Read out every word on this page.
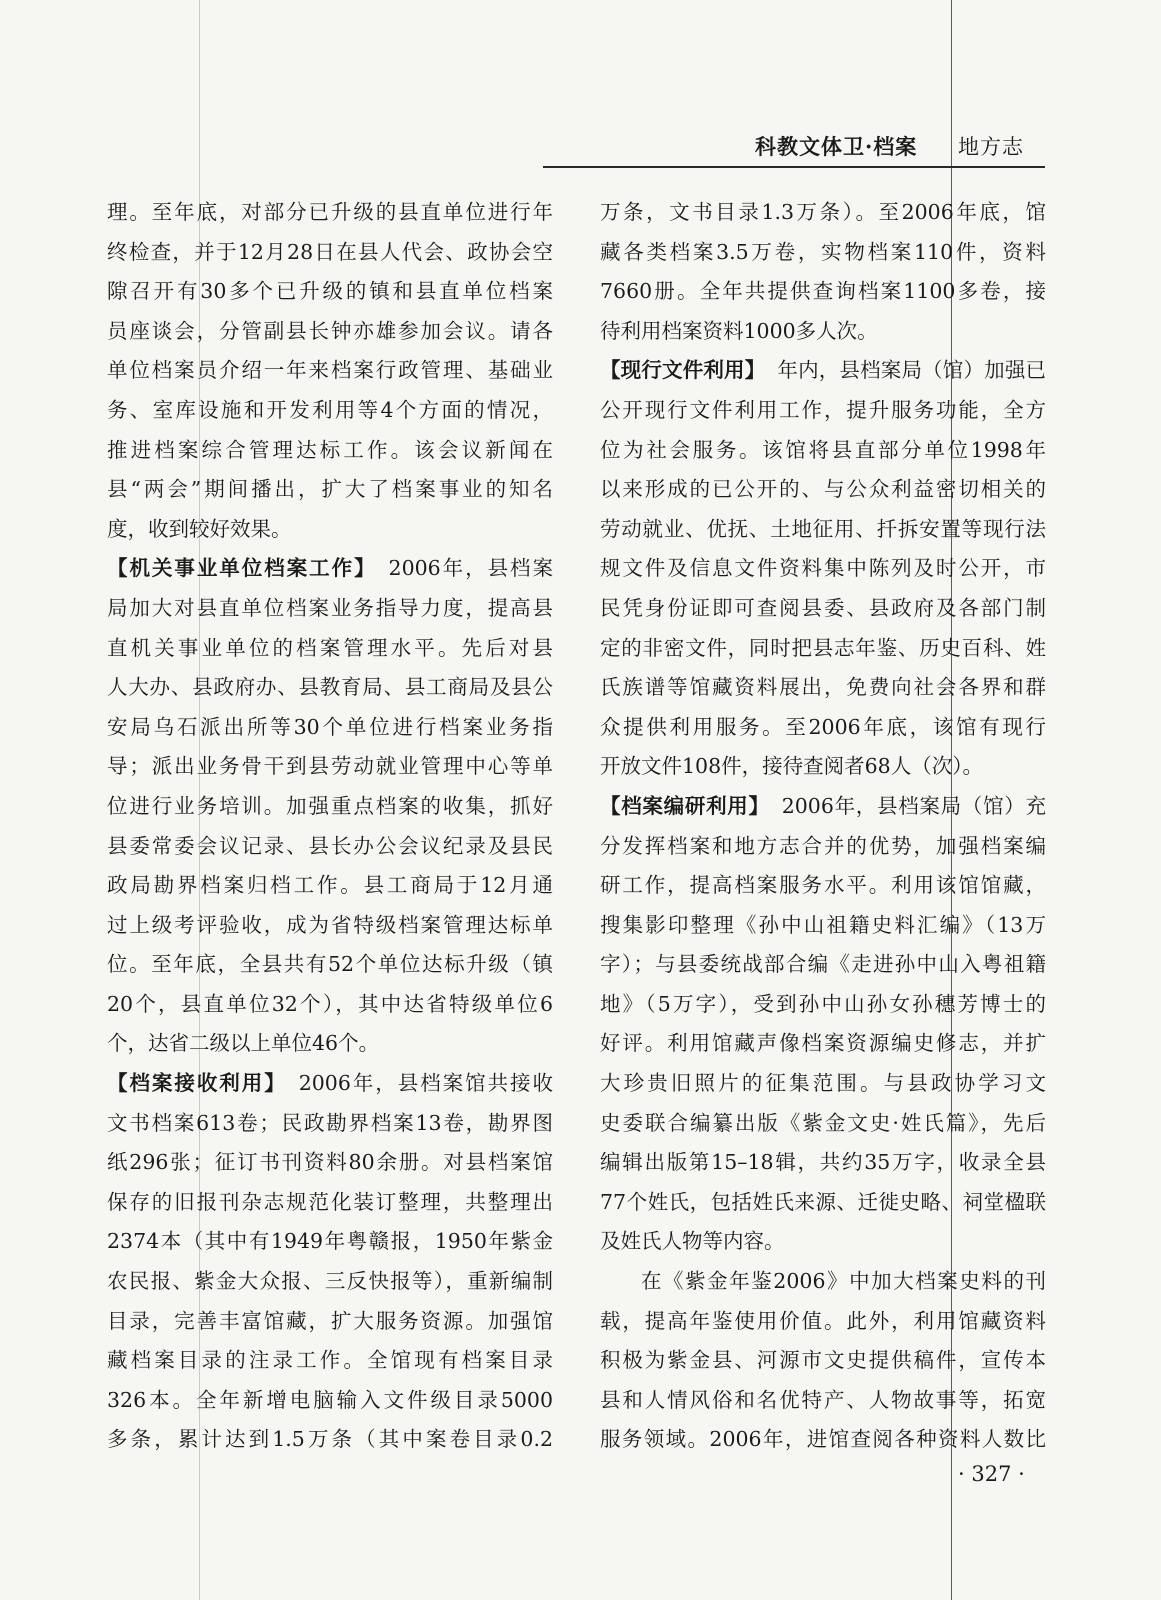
科教文体卫·档案 地方志
理。至年底，对部分已升级的县直单位进行年
终检查，并于12月28日在县人代会、政协会空
隙召开有30多个已升级的镇和县直单位档案
员座谈会，分管副县长钟亦雄参加会议。请各
单位档案员介绍一年来档案行政管理、基础业
务、室库设施和开发利用等4个方面的情况，
推进档案综合管理达标工作。该会议新闻在
县“两会”期间播出，扩大了档案事业的知名
度，收到较好效果。
【机关事业单位档案工作】 2006年，县档案
局加大对县直单位档案业务指导力度，提高县
直机关事业单位的档案管理水平。先后对县
人大办、县政府办、县教育局、县工商局及县公
安局乌石派出所等30个单位进行档案业务指
导；派出业务骨干到县劳动就业管理中心等单
位进行业务培训。加强重点档案的收集，抓好
县委常委会议记录、县长办公会议纪录及县民
政局勘界档案归档工作。县工商局于12月通
过上级考评验收，成为省特级档案管理达标单
位。至年底，全县共有52个单位达标升级（镇
20个，县直单位32个），其中达省特级单位6
个，达省二级以上单位46个。
【档案接收利用】 2006年，县档案馆共接收
文书档案613卷；民政勘界档案13卷，勘界图
纸296张；征订书刊资料80余册。对县档案馆
保存的旧报刊杂志规范化装订整理，共整理出
2374本（其中有1949年粤赣报，1950年紫金
农民报、紫金大众报、三反快报等），重新编制
目录，完善丰富馆藏，扩大服务资源。加强馆
藏档案目录的注录工作。全馆现有档案目录
326本。全年新增电脑输入文件级目录5000
多条，累计达到1.5万条（其中案卷目录0.2
万条，文书目录1.3万条）。至2006年底，馆
藏各类档案3.5万卷，实物档案110件，资料
7660册。全年共提供查询档案1100多卷，接
待利用档案资料1000多人次。
【现行文件利用】 年内，县档案局（馆）加强已
公开现行文件利用工作，提升服务功能，全方
位为社会服务。该馆将县直部分单位1998年
以来形成的已公开的、与公众利益密切相关的
劳动就业、优抚、土地征用、扦拆安置等现行法
规文件及信息文件资料集中陈列及时公开，市
民凭身份证即可查阅县委、县政府及各部门制
定的非密文件，同时把县志年鉴、历史百科、姓
氏族谱等馆藏资料展出，免费向社会各界和群
众提供利用服务。至2006年底，该馆有现行
开放文件108件，接待查阅者68人（次）。
【档案编研利用】 2006年，县档案局（馆）充
分发挥档案和地方志合并的优势，加强档案编
研工作，提高档案服务水平。利用该馆馆藏，
搜集影印整理《孙中山祖籍史料汇编》（13万
字）；与县委统战部合编《走进孙中山入粤祖籍
地》（5万字），受到孙中山孙女孙穗芳博士的
好评。利用馆藏声像档案资源编史修志，并扩
大珍贵旧照片的征集范围。与县政协学习文
史委联合编纂出版《紫金文史·姓氏篇》，先后
编辑出版第15–18辑，共约35万字，收录全县
77个姓氏，包括姓氏来源、迁徙史略、祠堂楹联
及姓氏人物等内容。
在《紫金年鉴2006》中加大档案史料的刊
载，提高年鉴使用价值。此外，利用馆藏资料
积极为紫金县、河源市文史提供稿件，宣传本
县和人情风俗和名优特产、人物故事等，拓宽
服务领域。2006年，进馆查阅各种资料人数比
· 327 ·
